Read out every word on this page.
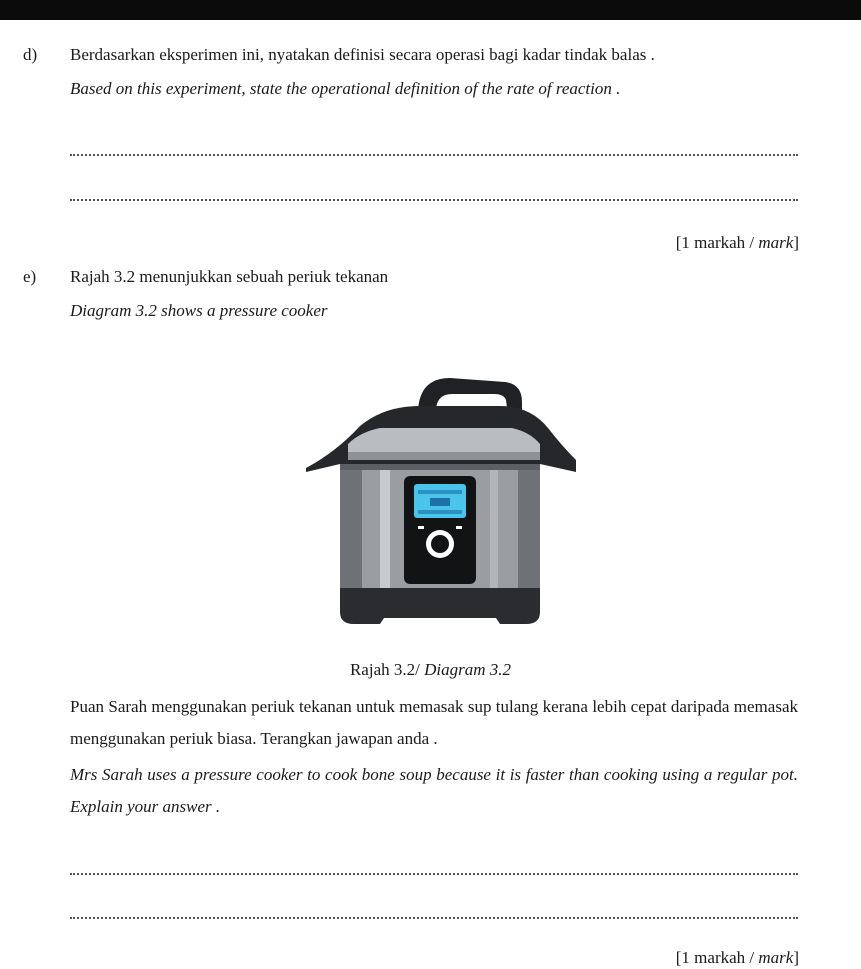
d) Berdasarkan eksperimen ini, nyatakan definisi secara operasi bagi kadar tindak balas .

Based on this experiment, state the operational definition of the rate of reaction .

[1 markah / mark]
e) Rajah 3.2 menunjukkan sebuah periuk tekanan

Diagram 3.2 shows a pressure cooker

Rajah 3.2/ Diagram 3.2

Puan Sarah menggunakan periuk tekanan untuk memasak sup tulang kerana lebih cepat daripada memasak menggunakan periuk biasa. Terangkan jawapan anda .

Mrs Sarah uses a pressure cooker to cook bone soup because it is faster than cooking using a regular pot. Explain your answer .

[1 markah / mark]
